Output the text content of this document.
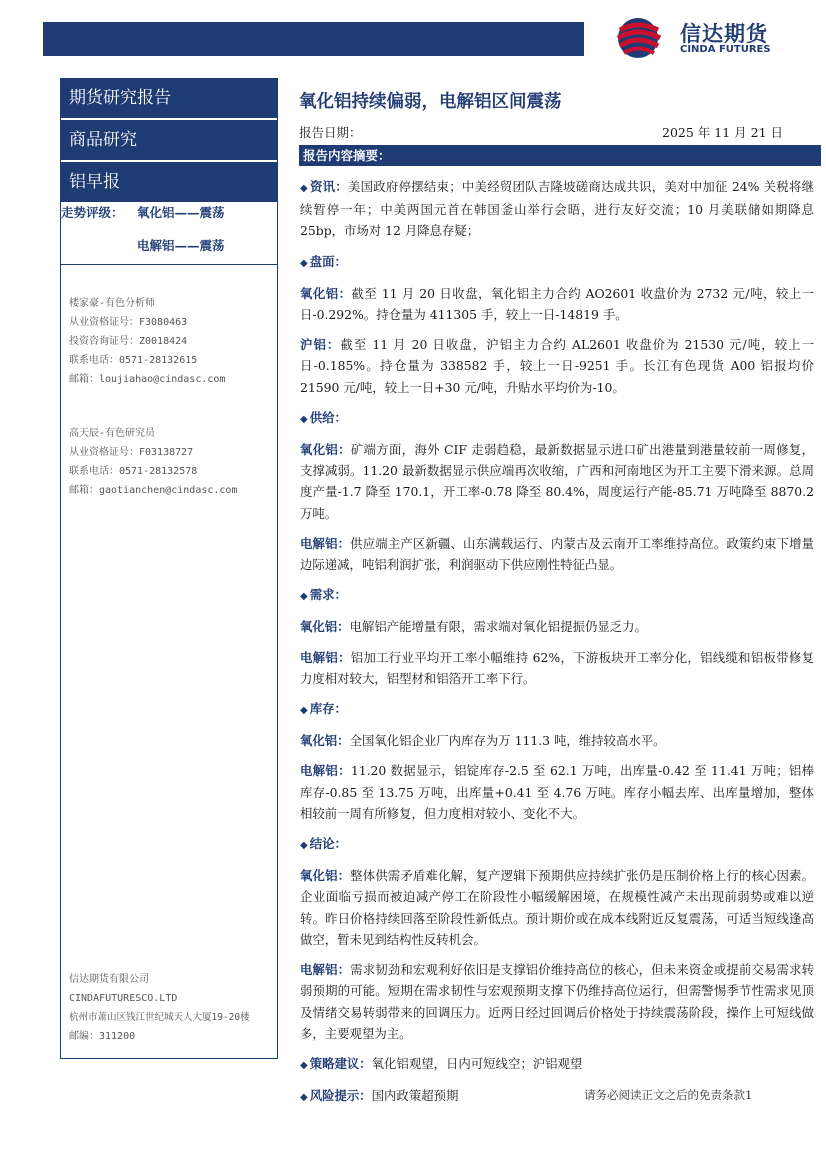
信达期货
CINDA FUTURES
期货研究报告
商品研究
铝早报
走势评级： 氧化铝——震荡
电解铝——震荡
楼家豪-有色分析师
从业资格证号：F3080463
投资咨询证号：Z0018424
联系电话：0571-28132615
邮箱：loujiahao@cindasc.com
高天辰-有色研究员
从业资格证号：F03138727
联系电话：0571-28132578
邮箱：gaotianchen@cindasc.com
信达期货有限公司
CINDAFUTURESCO.LTD
杭州市萧山区钱江世纪城天人大厦19-20楼
邮编：311200
氧化铝持续偏弱，电解铝区间震荡
报告日期：	2025 年 11 月 21 日
报告内容摘要：

◆ 资讯：美国政府停摆结束；中美经贸团队吉隆坡磋商达成共识，美对中加征 24% 关税将继续暂停一年；中美两国元首在韩国釜山举行会晤，进行友好交流；10 月美联储如期降息 25bp，市场对 12 月降息存疑；

◆ 盘面：

氧化铝：截至 11 月 20 日收盘，氧化铝主力合约 AO2601 收盘价为 2732 元/吨，较上一日-0.292%。持仓量为 411305 手，较上一日-14819 手。

沪铝：截至 11 月 20 日收盘，沪铝主力合约 AL2601 收盘价为 21530 元/吨，较上一日-0.185%。持仓量为 338582 手，较上一日-9251 手。长江有色现货 A00 铝报均价 21590 元/吨，较上一日+30 元/吨，升贴水平均价为-10。

◆ 供给：

氧化铝：矿端方面，海外 CIF 走弱趋稳，最新数据显示进口矿出港量到港量较前一周修复，支撑减弱。11.20 最新数据显示供应端再次收缩，广西和河南地区为开工主要下滑来源。总周度产量-1.7 降至 170.1，开工率-0.78 降至 80.4%，周度运行产能-85.71 万吨降至 8870.2 万吨。

电解铝：供应端主产区新疆、山东满载运行、内蒙古及云南开工率维持高位。政策约束下增量边际递减，吨铝利润扩张，利润驱动下供应刚性特征凸显。

◆ 需求：

氧化铝：电解铝产能增量有限，需求端对氧化铝提振仍显乏力。

电解铝：铝加工行业平均开工率小幅维持 62%，下游板块开工率分化，铝线缆和铝板带修复力度相对较大，铝型材和铝箔开工率下行。

◆ 库存：

氧化铝：全国氧化铝企业厂内库存为万 111.3 吨，维持较高水平。

电解铝：11.20 数据显示，铝锭库存-2.5 至 62.1 万吨，出库量-0.42 至 11.41 万吨；铝棒库存-0.85 至 13.75 万吨，出库量+0.41 至 4.76 万吨。库存小幅去库、出库量增加，整体相较前一周有所修复，但力度相对较小、变化不大。

◆ 结论：

氧化铝：整体供需矛盾难化解，复产逻辑下预期供应持续扩张仍是压制价格上行的核心因素。企业面临亏损而被迫减产停工在阶段性小幅缓解困境，在规模性减产未出现前弱势或难以逆转。昨日价格持续回落至阶段性新低点。预计期价或在成本线附近反复震荡，可适当短线逢高做空，暂未见到结构性反转机会。

电解铝：需求韧劲和宏观利好依旧是支撑铝价维持高位的核心，但未来资金或提前交易需求转弱预期的可能。短期在需求韧性与宏观预期支撑下仍维持高位运行，但需警惕季节性需求见顶及情绪交易转弱带来的回调压力。近两日经过回调后价格处于持续震荡阶段，操作上可短线做多，主要观望为主。

◆ 策略建议：氧化铝观望，日内可短线空；沪铝观望

◆ 风险提示：国内政策超预期	请务必阅读正文之后的免责条款1
